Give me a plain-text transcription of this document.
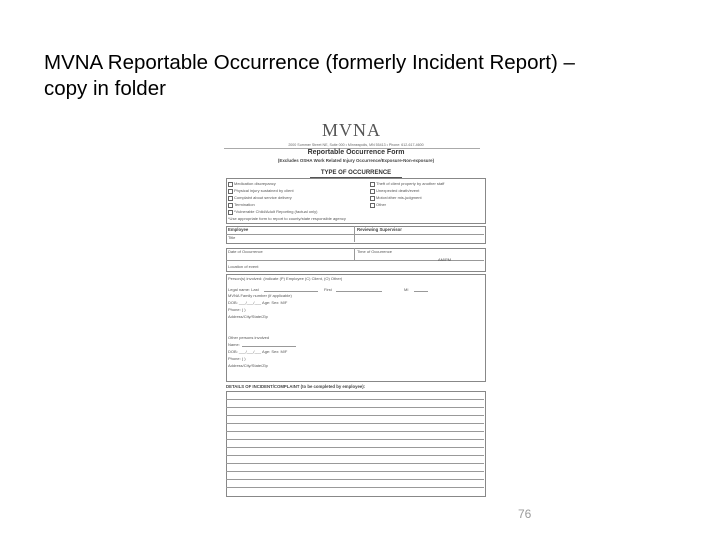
MVNA Reportable Occurrence (formerly Incident Report) –
copy in folder
MVNA
2000 Summer Street NE, Suite 000 • Minneapolis, MN 55413 • Phone: 612-617-4600
Reportable Occurrence Form
(Excludes OSHA Work Related Injury Occurrence/Exposure-Non-exposure)
TYPE OF OCCURRENCE
Medication discrepancy
Physical injury sustained by client
Complaint about service delivery
Termination
*Vulnerable Child/Adult Reporting (factual only)
Theft of client property by another staff
Unexpected death/event
Motor/other mis-judgment
Other
*Use appropriate form to report to county/state responsible agency
Employee	Reviewing Supervisor
Title
Date of Occurrence	Time of Occurrence
AM/PM
Location of event
Person(s) involved: (indicate (P) Employee (C) Client, (O) Other)
Legal name: Last	First	MI
MVNA Family number (if applicable)
DOB: ___/___/___ Age: Sex: M/F
Phone: ( )
Address/City/State/Zip
Other persons involved
Name:
DOB: ___/___/___ Age: Sex: M/F
Phone: ( )
Address/City/State/Zip
DETAILS OF INCIDENT/COMPLAINT (to be completed by employee):
76
